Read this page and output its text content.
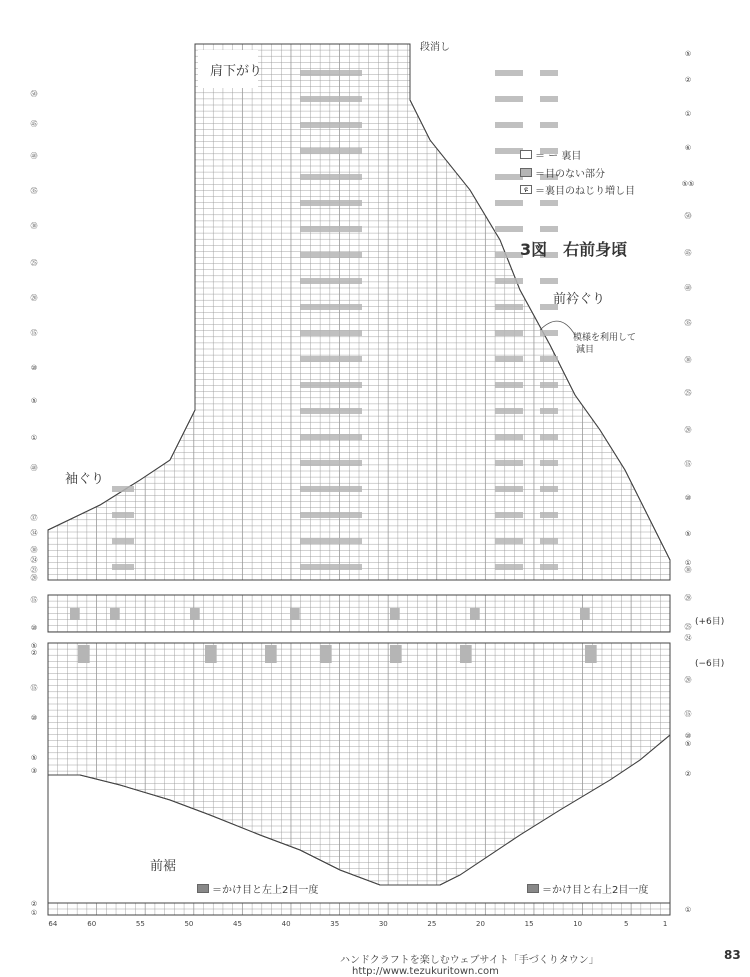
64	60	55	50	45	40	35	30	25	20	15	10	5	1
①
②
③
⑤
⑩
⑮
②
⑤
⑩
⑮
⑳
㉑
㉔
㉚
㉞
㊲
㊵
①
⑤
⑩
⑮
⑳
㉕
㉚
㉟
㊵
㊺
㊿
①
②
⑤
⑩
⑮
⑳
㉔
㉕
㉘
㉚
①
⑤
⑩
⑮
⑳
㉕
㉚
㉟
㊵
㊺
㊿
⑤⑤
⑥
①
②
⑤
肩下がり
袖ぐり
3図　右前身頃
前衿ぐり
模様を利用して
減目
前裾
段消し
(+6目)
(−6目)
＝ ー 裏目
＝目のない部分
ዩ ＝裏目のねじり増し目
＝かけ目と左上2目一度	＝かけ目と右上2目一度
ハンドクラフトを楽しむウェブサイト「手づくりタウン」 http://www.tezukuritown.com
83
